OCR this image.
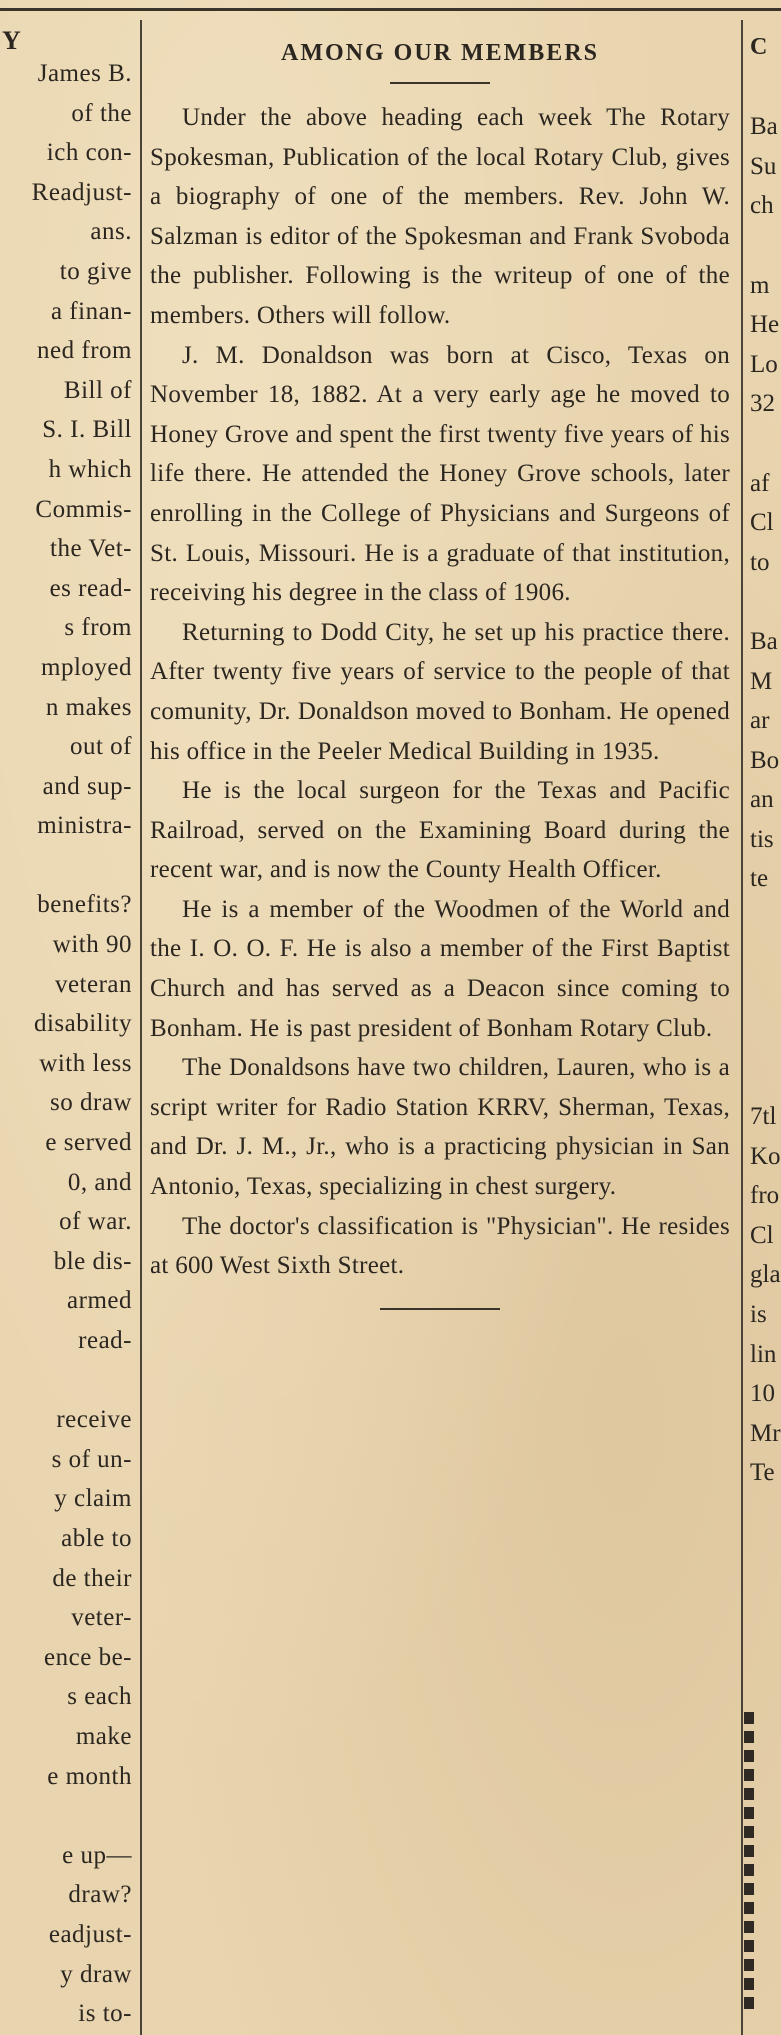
Y
James B.
of the
ich con-
Readjust-
ans.
to give
a finan-
ned from
Bill of
S. I. Bill
h which
Commis-
the Vet-
es read-
s from
mployed
n makes
out of
and sup-
ministra-

benefits?
with 90
veteran
disability
with less
so draw
e served
0, and
of war.
ble dis-
armed
read-

receive
s of un-
y claim
able to
de their
veter-
ence be-
s each
make
e month

e up—
draw?
eadjust-
y draw
is to-
AMONG OUR MEMBERS

Under the above heading each week The Rotary Spokesman, Publication of the local Rotary Club, gives a biography of one of the members. Rev. John W. Salzman is editor of the Spokesman and Frank Svoboda the publisher. Following is the writeup of one of the members. Others will follow.

J. M. Donaldson was born at Cisco, Texas on November 18, 1882. At a very early age he moved to Honey Grove and spent the first twenty five years of his life there. He attended the Honey Grove schools, later enrolling in the College of Physicians and Surgeons of St. Louis, Missouri. He is a graduate of that institution, receiving his degree in the class of 1906.

Returning to Dodd City, he set up his practice there. After twenty five years of service to the people of that comunity, Dr. Donaldson moved to Bonham. He opened his office in the Peeler Medical Building in 1935.

He is the local surgeon for the Texas and Pacific Railroad, served on the Examining Board during the recent war, and is now the County Health Officer.

He is a member of the Woodmen of the World and the I. O. O. F. He is also a member of the First Baptist Church and has served as a Deacon since coming to Bonham. He is past president of Bonham Rotary Club.

The Donaldsons have two children, Lauren, who is a script writer for Radio Station KRRV, Sherman, Texas, and Dr. J. M., Jr., who is a practicing physician in San Antonio, Texas, specializing in chest surgery.

The doctor's classification is "Physician". He resides at 600 West Sixth Street.

C

Ba
Su
ch

m
He
Lo
32

af
Cl
to

Ba
M
ar
Bo
an
tis
te

7tl
Ko
fro
Cl
gla
is
lin
10
Mr
Te
